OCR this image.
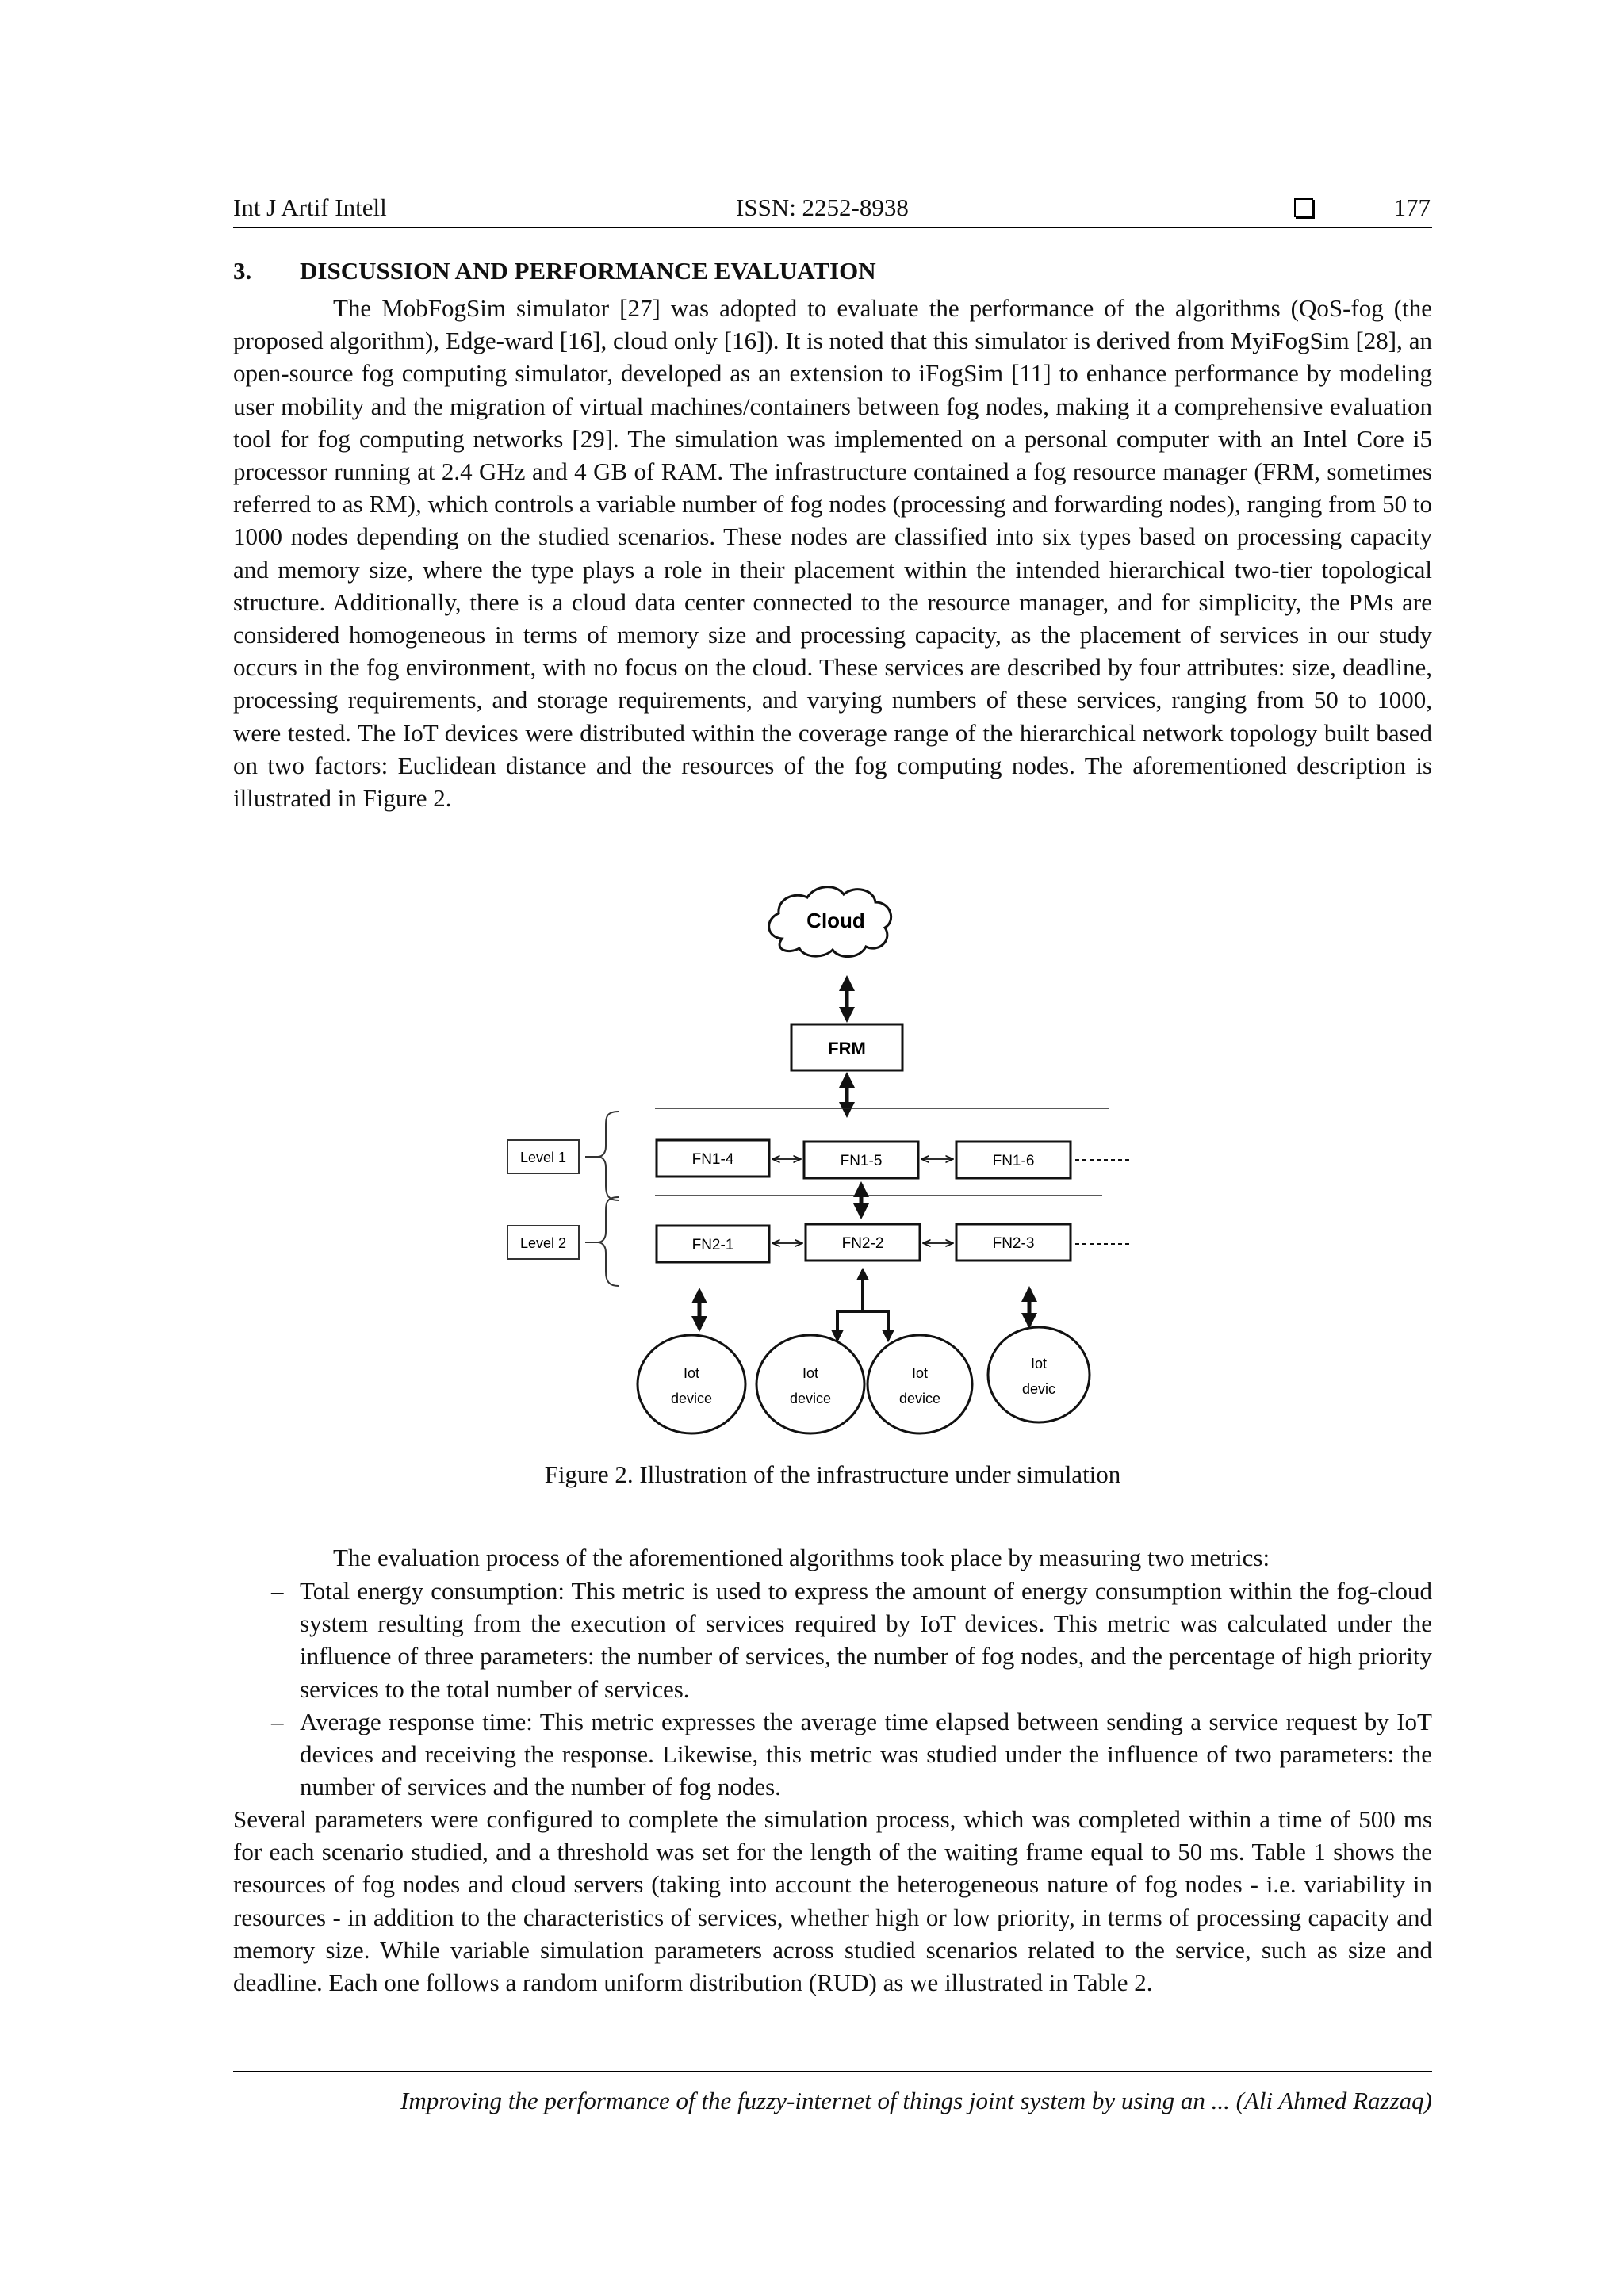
Int J Artif Intell	ISSN: 2252-8938	177
3. DISCUSSION AND PERFORMANCE EVALUATION

The MobFogSim simulator [27] was adopted to evaluate the performance of the algorithms (QoS-fog (the proposed algorithm), Edge-ward [16], cloud only [16]). It is noted that this simulator is derived from MyiFogSim [28], an open-source fog computing simulator, developed as an extension to iFogSim [11] to enhance performance by modeling user mobility and the migration of virtual machines/containers between fog nodes, making it a comprehensive evaluation tool for fog computing networks [29]. The simulation was implemented on a personal computer with an Intel Core i5 processor running at 2.4 GHz and 4 GB of RAM. The infrastructure contained a fog resource manager (FRM, sometimes referred to as RM), which controls a variable number of fog nodes (processing and forwarding nodes), ranging from 50 to 1000 nodes depending on the studied scenarios. These nodes are classified into six types based on processing capacity and memory size, where the type plays a role in their placement within the intended hierarchical two-tier topological structure. Additionally, there is a cloud data center connected to the resource manager, and for simplicity, the PMs are considered homogeneous in terms of memory size and processing capacity, as the placement of services in our study occurs in the fog environment, with no focus on the cloud. These services are described by four attributes: size, deadline, processing requirements, and storage requirements, and varying numbers of these services, ranging from 50 to 1000, were tested. The IoT devices were distributed within the coverage range of the hierarchical network topology built based on two factors: Euclidean distance and the resources of the fog computing nodes. The aforementioned description is illustrated in Figure 2.

Cloud
FRM
Level 1
Level 2
FN1-4	FN1-5	FN1-6
FN2-1	FN2-2	FN2-3
Iot
device
Iot
device
Iot
device
Iot
devic
Figure 2. Illustration of the infrastructure under simulation

The evaluation process of the aforementioned algorithms took place by measuring two metrics:

– Total energy consumption: This metric is used to express the amount of energy consumption within the fog-cloud system resulting from the execution of services required by IoT devices. This metric was calculated under the influence of three parameters: the number of services, the number of fog nodes, and the percentage of high priority services to the total number of services.
– Average response time: This metric expresses the average time elapsed between sending a service request by IoT devices and receiving the response. Likewise, this metric was studied under the influence of two parameters: the number of services and the number of fog nodes.

Several parameters were configured to complete the simulation process, which was completed within a time of 500 ms for each scenario studied, and a threshold was set for the length of the waiting frame equal to 50 ms. Table 1 shows the resources of fog nodes and cloud servers (taking into account the heterogeneous nature of fog nodes - i.e. variability in resources - in addition to the characteristics of services, whether high or low priority, in terms of processing capacity and memory size. While variable simulation parameters across studied scenarios related to the service, such as size and deadline. Each one follows a random uniform distribution (RUD) as we illustrated in Table 2.

Improving the performance of the fuzzy-internet of things joint system by using an ... (Ali Ahmed Razzaq)
